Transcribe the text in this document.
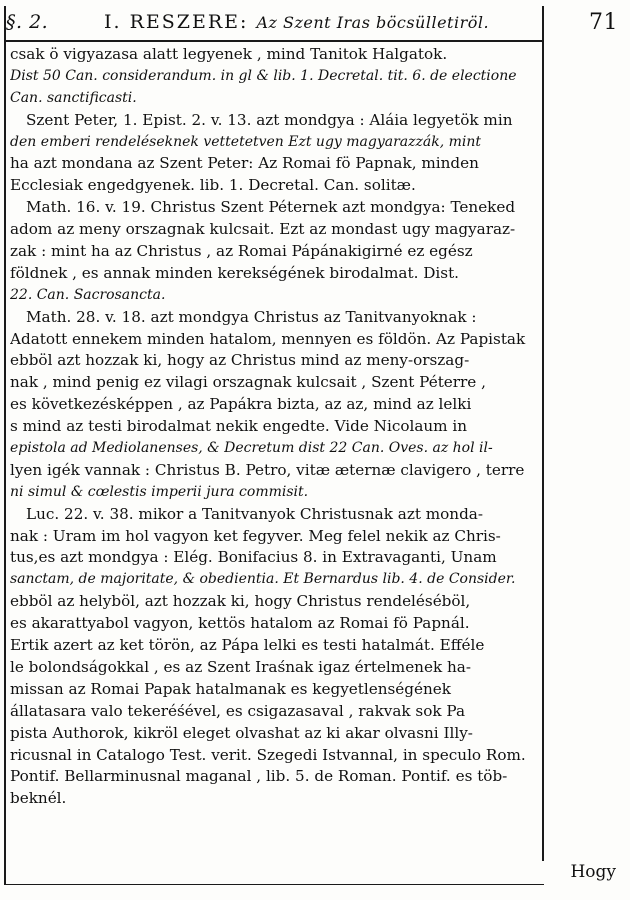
§. 2.	I. RESZERE: Az Szent Iras böcsülletiröl.	71
csak ö vigyazasa alatt legyenek , mind Tanitok Halgatok.
Dist 50 Can. considerandum. in gl & lib. 1. Decretal. tit. 6. de electione
Can. sanctificasti.
Szent Peter, 1. Epist. 2. v. 13. azt mondgya : Aláia legyetök min
den emberi rendeléseknek vettetetven Ezt ugy magyarazzák, mint
ha azt mondana az Szent Peter: Az Romai fö Papnak, minden
Ecclesiak engedgyenek. lib. 1. Decretal. Can. solitæ.
Math. 16. v. 19. Christus Szent Péternek azt mondgya: Teneked
adom az meny orszagnak kulcsait. Ezt az mondast ugy magyaraz-
zak : mint ha az Christus , az Romai Pápánakigirné ez egész
földnek , es annak minden kerekségének birodalmat. Dist.
22. Can. Sacrosancta.
Math. 28. v. 18. azt mondgya Christus az Tanitvanyoknak :
Adatott ennekem minden hatalom, mennyen es földön. Az Papistak
ebböl azt hozzak ki, hogy az Christus mind az meny-orszag-
nak , mind penig ez vilagi orszagnak kulcsait , Szent Péterre ,
es következésképpen , az Papákra bizta, az az, mind az lelki
s mind az testi birodalmat nekik engedte. Vide Nicolaum in
epistola ad Mediolanenses, & Decretum dist 22 Can. Oves. az hol il-
lyen igék vannak : Christus B. Petro, vitæ æternæ clavigero , terre
ni simul & cœlestis imperii jura commisit.
Luc. 22. v. 38. mikor a Tanitvanyok Christusnak azt monda-
nak : Uram im hol vagyon ket fegyver. Meg felel nekik az Chris-
tus,es azt mondgya : Elég. Bonifacius 8. in Extravaganti, Unam
sanctam, de majoritate, & obedientia. Et Bernardus lib. 4. de Consider.
ebböl az helyböl, azt hozzak ki, hogy Christus rendeléséböl,
es akarattyabol vagyon, kettös hatalom az Romai fö Papnál.
Ertik azert az ket törön, az Pápa lelki es testi hatalmát. Efféle
le bolondságokkal , es az Szent Iraśnak igaz értelmenek ha-
missan az Romai Papak hatalmanak es kegyetlenségének
állatasara valo tekeréśével, es csigazasaval , rakvak sok Pa
pista Authorok, kikröl eleget olvashat az ki akar olvasni Illy-
ricusnal in Catalogo Test. verit. Szegedi Istvannal, in speculo Rom.
Pontif. Bellarminusnal maganal , lib. 5. de Roman. Pontif. es töb-
beknél.
Hogy
